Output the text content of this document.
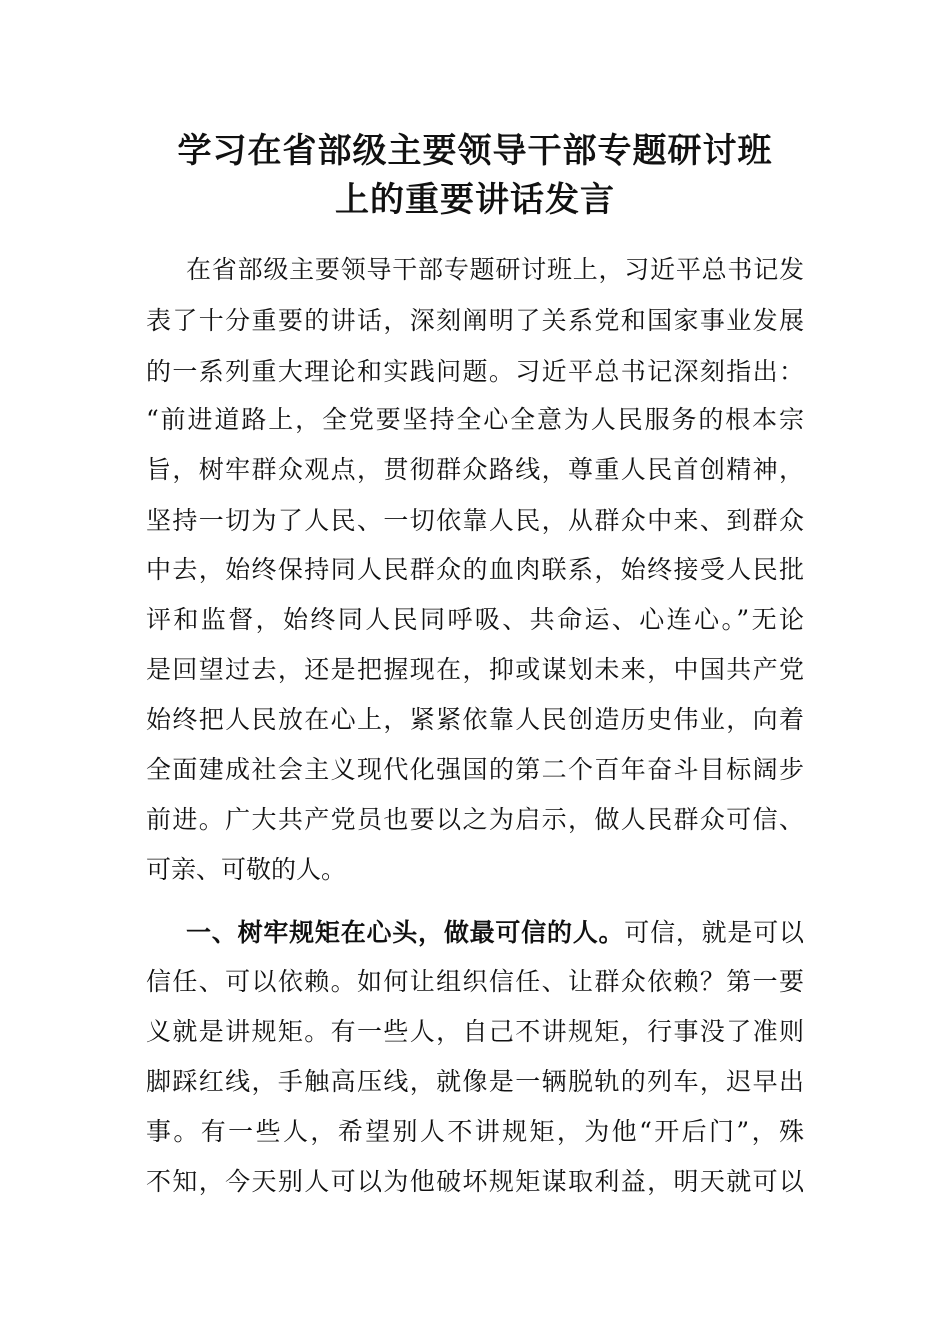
学习在省部级主要领导干部专题研讨班
上的重要讲话发言
在省部级主要领导干部专题研讨班上，习近平总书记发
表了十分重要的讲话，深刻阐明了关系党和国家事业发展
的一系列重大理论和实践问题。习近平总书记深刻指出：
“前进道路上，全党要坚持全心全意为人民服务的根本宗
旨，树牢群众观点，贯彻群众路线，尊重人民首创精神，
坚持一切为了人民、一切依靠人民，从群众中来、到群众
中去，始终保持同人民群众的血肉联系，始终接受人民批
评和监督，始终同人民同呼吸、共命运、心连心。”无论
是回望过去，还是把握现在，抑或谋划未来，中国共产党
始终把人民放在心上，紧紧依靠人民创造历史伟业，向着
全面建成社会主义现代化强国的第二个百年奋斗目标阔步
前进。广大共产党员也要以之为启示，做人民群众可信、
可亲、可敬的人。
一、树牢规矩在心头，做最可信的人。可信，就是可以
信任、可以依赖。如何让组织信任、让群众依赖？第一要
义就是讲规矩。有一些人，自己不讲规矩，行事没了准则
脚踩红线，手触高压线，就像是一辆脱轨的列车，迟早出
事。有一些人，希望别人不讲规矩，为他“开后门”，殊
不知，今天别人可以为他破坏规矩谋取利益，明天就可以
